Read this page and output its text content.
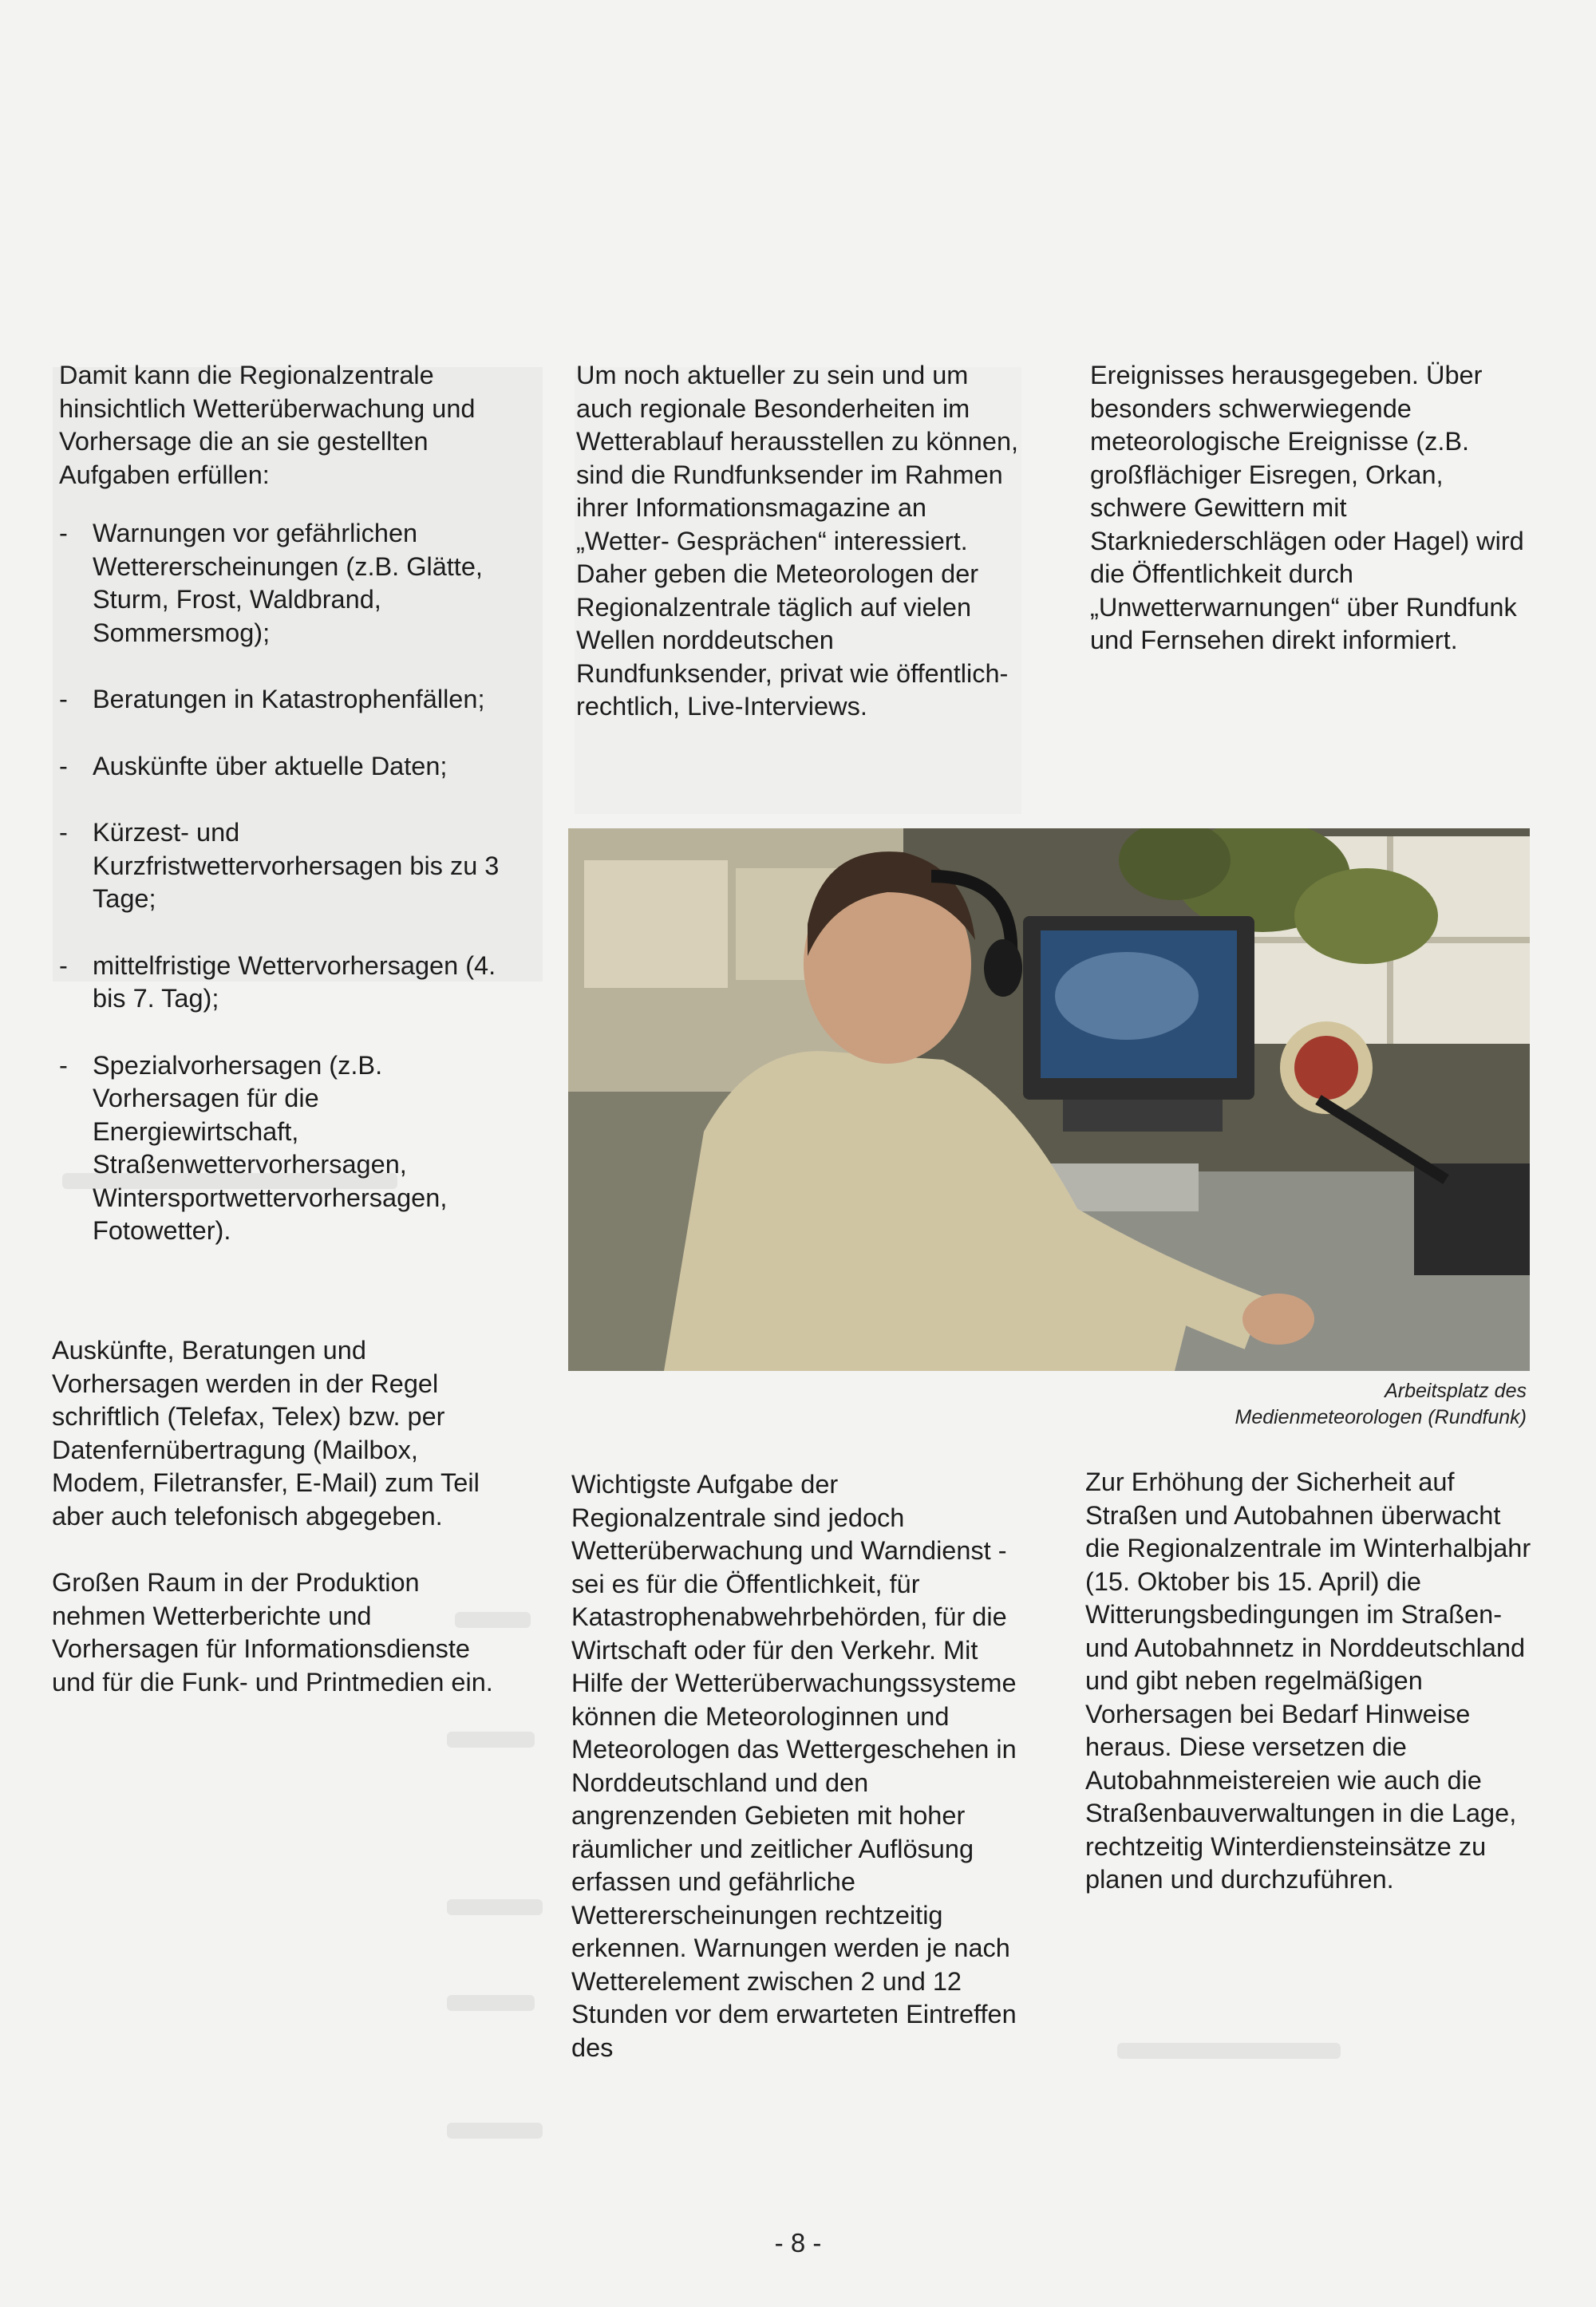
Damit kann die Regionalzentrale hinsichtlich Wetterüberwachung und Vorhersage die an sie gestellten Aufgaben erfüllen:

- Warnungen vor gefährlichen Wettererscheinungen (z.B. Glätte, Sturm, Frost, Waldbrand, Sommersmog);
- Beratungen in Katastrophenfällen;
- Auskünfte über aktuelle Daten;
- Kürzest- und Kurzfristwettervorhersagen bis zu 3 Tage;
- mittelfristige Wettervorhersagen (4. bis 7. Tag);
- Spezialvorhersagen (z.B. Vorhersagen für die Energiewirtschaft, Straßenwettervorhersagen, Wintersportwettervorhersagen, Fotowetter).

Auskünfte, Beratungen und Vorhersagen werden in der Regel schriftlich (Telefax, Telex) bzw. per Datenfernübertragung (Mailbox, Modem, Filetransfer, E-Mail) zum Teil aber auch telefonisch abgegeben.

Großen Raum in der Produktion nehmen Wetterberichte und Vorhersagen für Informationsdienste und für die Funk- und Printmedien ein.

Um noch aktueller zu sein und um auch regionale Besonderheiten im Wetterablauf herausstellen zu können, sind die Rundfunksender im Rahmen ihrer Informationsmagazine an „Wetter- Gesprächen“ interessiert. Daher geben die Meteorologen der Regionalzentrale täglich auf vielen Wellen norddeutschen Rundfunksender, privat wie öffentlich-rechtlich, Live-Interviews.

Ereignisses herausgegeben. Über besonders schwerwiegende meteorologische Ereignisse (z.B. großflächiger Eisregen, Orkan, schwere Gewittern mit Starkniederschlägen oder Hagel) wird die Öffentlichkeit durch „Unwetterwarnungen“ über Rundfunk und Fernsehen direkt informiert.

Arbeitsplatz des
Medienmeteorologen (Rundfunk)

Wichtigste Aufgabe der Regionalzentrale sind jedoch Wetterüberwachung und Warndienst - sei es für die Öffentlichkeit, für Katastrophenabwehrbehörden, für die Wirtschaft oder für den Verkehr. Mit Hilfe der Wetterüberwachungssysteme können die Meteorologinnen und Meteorologen das Wettergeschehen in Norddeutschland und den angrenzenden Gebieten mit hoher räumlicher und zeitlicher Auflösung erfassen und gefährliche Wettererscheinungen rechtzeitig erkennen. Warnungen werden je nach Wetterelement zwischen 2 und 12 Stunden vor dem erwarteten Eintreffen des

Zur Erhöhung der Sicherheit auf Straßen und Autobahnen überwacht die Regionalzentrale im Winterhalbjahr (15. Oktober bis 15. April) die Witterungsbedingungen im Straßen- und Autobahnnetz in Norddeutschland und gibt neben regelmäßigen Vorhersagen bei Bedarf Hinweise heraus. Diese versetzen die Autobahnmeistereien wie auch die Straßenbauverwaltungen in die Lage, rechtzeitig Winterdiensteinsätze zu planen und durchzuführen.

- 8 -
